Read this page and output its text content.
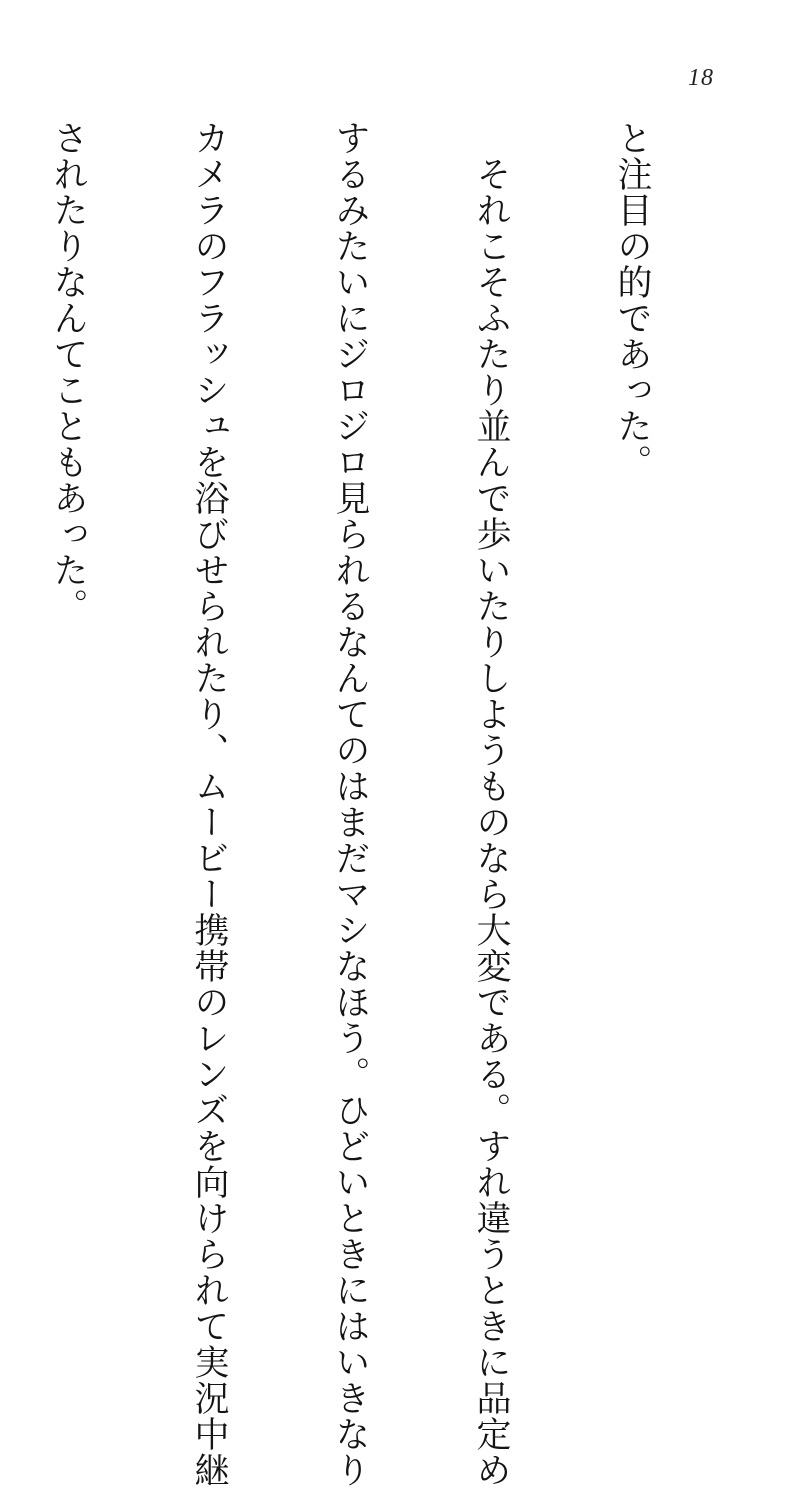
18

と注目の的であった。

　それこそふたり並んで歩いたりしようものなら大変である。すれ違うときに品定め

するみたいにジロジロ見られるなんてのはまだマシなほう。ひどいときにはいきなり

カメラのフラッシュを浴びせられたり、ムービー携帯のレンズを向けられて実況中継

されたりなんてこともあった。
